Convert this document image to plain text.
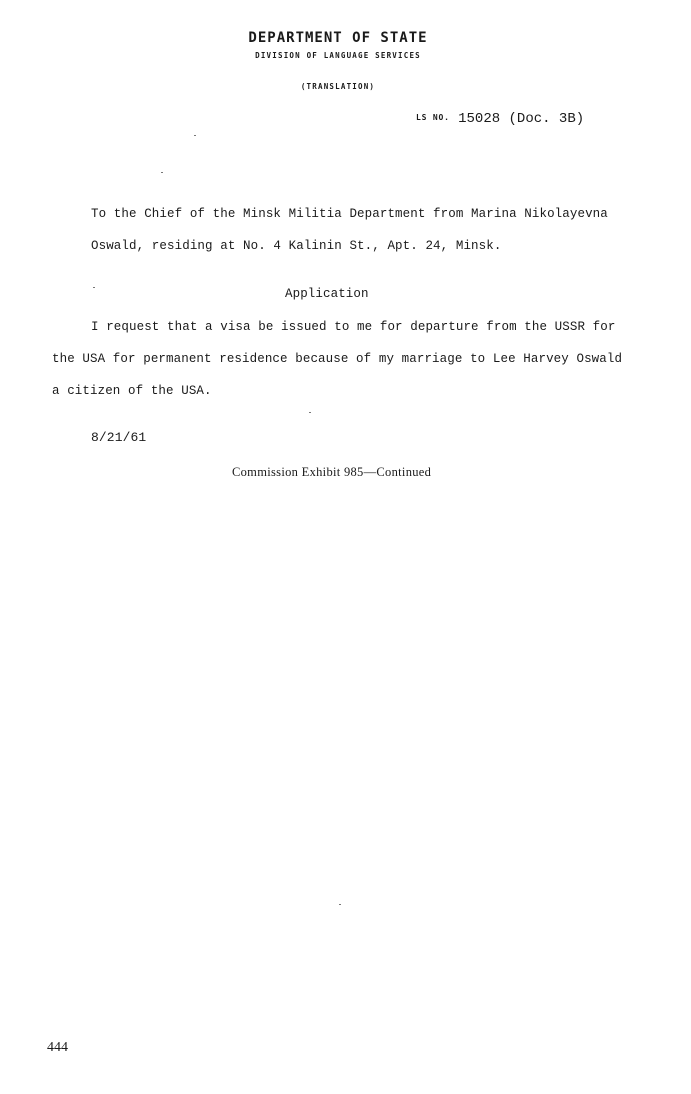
DEPARTMENT OF STATE
DIVISION OF LANGUAGE SERVICES
(TRANSLATION)
LS NO. 15028 (Doc. 3B)
To the Chief of the Minsk Militia Department from Marina Nikolayevna
Oswald, residing at No. 4 Kalinin St., Apt. 24, Minsk.
Application
I request that a visa be issued to me for departure from the USSR for
the USA for permanent residence because of my marriage to Lee Harvey Oswald
a citizen of the USA.
8/21/61
Commission Exhibit 985—Continued
444
